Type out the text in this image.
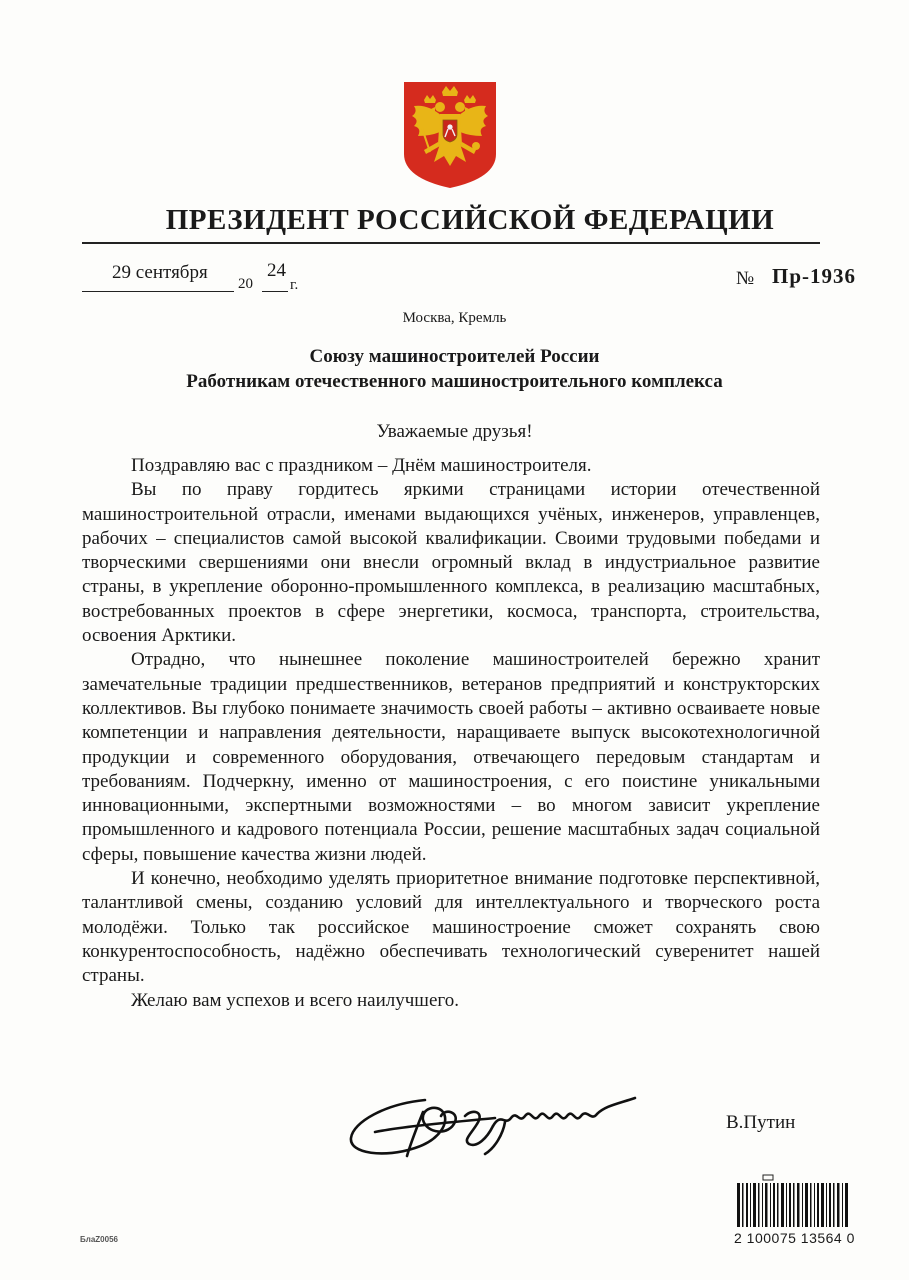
ПРЕЗИДЕНТ РОССИЙСКОЙ ФЕДЕРАЦИИ
29 сентября
20
24
г.	№ Пр-1936
Москва, Кремль
Союзу машиностроителей России
Работникам отечественного машиностроительного комплекса
Уважаемые друзья!

Поздравляю вас с праздником – Днём машиностроителя.

Вы по праву гордитесь яркими страницами истории отечественной машиностроительной отрасли, именами выдающихся учёных, инженеров, управленцев, рабочих – специалистов самой высокой квалификации. Своими трудовыми победами и творческими свершениями они внесли огромный вклад в индустриальное развитие страны, в укрепление оборонно-промышленного комплекса, в реализацию масштабных, востребованных проектов в сфере энергетики, космоса, транспорта, строительства, освоения Арктики.

Отрадно, что нынешнее поколение машиностроителей бережно хранит замечательные традиции предшественников, ветеранов предприятий и конструкторских коллективов. Вы глубоко понимаете значимость своей работы – активно осваиваете новые компетенции и направления деятельности, наращиваете выпуск высокотехнологичной продукции и современного оборудования, отвечающего передовым стандартам и требованиям. Подчеркну, именно от машиностроения, с его поистине уникальными инновационными, экспертными возможностями – во многом зависит укрепление промышленного и кадрового потенциала России, решение масштабных задач социальной сферы, повышение качества жизни людей.

И конечно, необходимо уделять приоритетное внимание подготовке перспективной, талантливой смены, созданию условий для интеллектуального и творческого роста молодёжи. Только так российское машиностроение сможет сохранять свою конкурентоспособность, надёжно обеспечивать технологический суверенитет нашей страны.

Желаю вам успехов и всего наилучшего.

В.Путин
2 100075 13564 0
БлаZ0056
